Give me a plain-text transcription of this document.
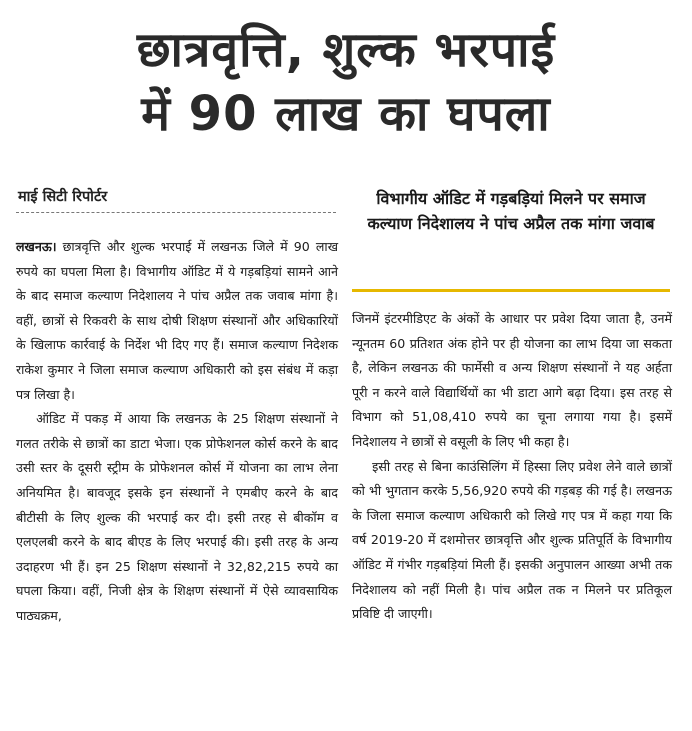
छात्रवृत्ति, शुल्क भरपाई
में 90 लाख का घपला
माई सिटी रिपोर्टर	विभागीय ऑडिट में गड़बड़ियां मिलने पर समाज कल्याण निदेशालय ने पांच अप्रैल तक मांगा जवाब

लखनऊ। छात्रवृत्ति और शुल्क भरपाई में लखनऊ जिले में 90 लाख रुपये का घपला मिला है। विभागीय ऑडिट में ये गड़बड़ियां सामने आने के बाद समाज कल्याण निदेशालय ने पांच अप्रैल तक जवाब मांगा है। वहीं, छात्रों से रिकवरी के साथ दोषी शिक्षण संस्थानों और अधिकारियों के खिलाफ कार्रवाई के निर्देश भी दिए गए हैं। समाज कल्याण निदेशक राकेश कुमार ने जिला समाज कल्याण अधिकारी को इस संबंध में कड़ा पत्र लिखा है।

ऑडिट में पकड़ में आया कि लखनऊ के 25 शिक्षण संस्थानों ने गलत तरीके से छात्रों का डाटा भेजा। एक प्रोफेशनल कोर्स करने के बाद उसी स्तर के दूसरी स्ट्रीम के प्रोफेशनल कोर्स में योजना का लाभ लेना अनियमित है। बावजूद इसके इन संस्थानों ने एमबीए करने के बाद बीटीसी के लिए शुल्क की भरपाई कर दी। इसी तरह से बीकॉम व एलएलबी करने के बाद बीएड के लिए भरपाई की। इसी तरह के अन्य उदाहरण भी हैं। इन 25 शिक्षण संस्थानों ने 32,82,215 रुपये का घपला किया। वहीं, निजी क्षेत्र के शिक्षण संस्थानों में ऐसे व्यावसायिक पाठ्यक्रम,

जिनमें इंटरमीडिएट के अंकों के आधार पर प्रवेश दिया जाता है, उनमें न्यूनतम 60 प्रतिशत अंक होने पर ही योजना का लाभ दिया जा सकता है, लेकिन लखनऊ की फार्मेसी व अन्य शिक्षण संस्थानों ने यह अर्हता पूरी न करने वाले विद्यार्थियों का भी डाटा आगे बढ़ा दिया। इस तरह से विभाग को 51,08,410 रुपये का चूना लगाया गया है। इसमें निदेशालय ने छात्रों से वसूली के लिए भी कहा है।

इसी तरह से बिना काउंसिलिंग में हिस्सा लिए प्रवेश लेने वाले छात्रों को भी भुगतान करके 5,56,920 रुपये की गड़बड़ की गई है। लखनऊ के जिला समाज कल्याण अधिकारी को लिखे गए पत्र में कहा गया कि वर्ष 2019-20 में दशमोत्तर छात्रवृत्ति और शुल्क प्रतिपूर्ति के विभागीय ऑडिट में गंभीर गड़बड़ियां मिली हैं। इसकी अनुपालन आख्या अभी तक निदेशालय को नहीं मिली है। पांच अप्रैल तक न मिलने पर प्रतिकूल प्रविष्टि दी जाएगी।
